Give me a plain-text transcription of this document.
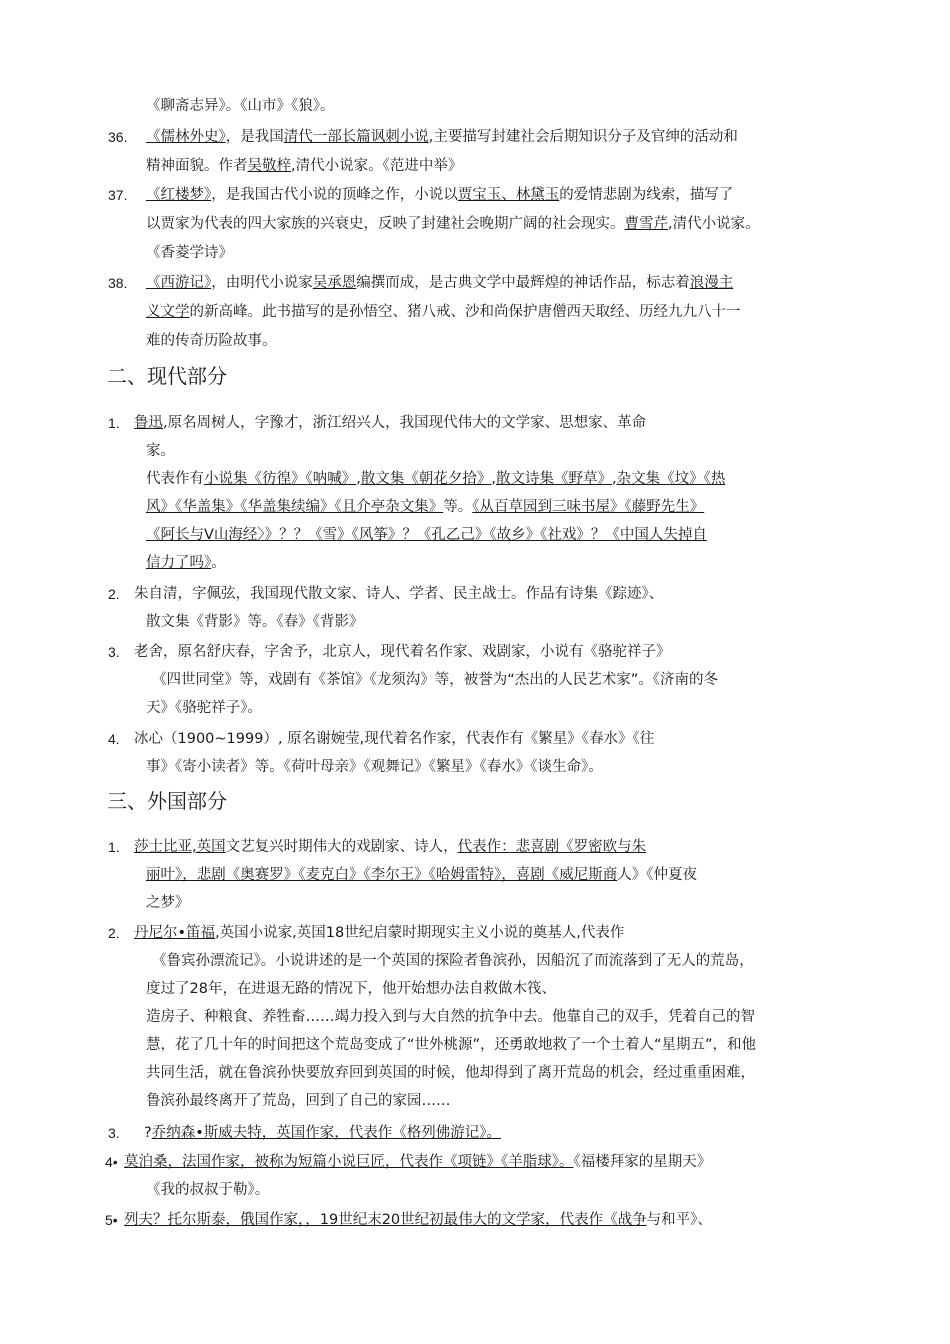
《聊斋志异》。《山市》《狼》。
36. 《儒林外史》，是我国清代一部长篇讽刺小说,主要描写封建社会后期知识分子及官绅的活动和
精神面貌。作者吴敬梓,清代小说家。《范进中举》
37. 《红楼梦》，是我国古代小说的顶峰之作，小说以贾宝玉、林黛玉的爱情悲剧为线索，描写了
以贾家为代表的四大家族的兴衰史，反映了封建社会晚期广阔的社会现实。曹雪芹,清代小说家。
《香菱学诗》
38. 《西游记》，由明代小说家吴承恩编撰而成，是古典文学中最辉煌的神话作品，标志着浪漫主
义文学的新高峰。此书描写的是孙悟空、猪八戒、沙和尚保护唐僧西天取经、历经九九八十一
难的传奇历险故事。
二、现代部分
1. 鲁迅,原名周树人，字豫才，浙江绍兴人，我国现代伟大的文学家、思想家、革命
家。
代表作有小说集《彷徨》《呐喊》,散文集《朝花夕拾》,散文诗集《野草》,杂文集《坟》《热
风》《华盖集》《华盖集续编》《且介亭杂文集》等。《从百草园到三味书屋》《藤野先生》
《阿长与Ⅴ山海经〉》？？《雪》《风筝》？《孔乙己》《故乡》《社戏》？《中国人失掉自
信力了吗》。
2. 朱自清，字佩弦，我国现代散文家、诗人、学者、民主战士。作品有诗集《踪迹》、
散文集《背影》等。《春》《背影》
3. 老舍，原名舒庆春，字舍予，北京人，现代着名作家、戏剧家，小说有《骆驼祥子》
《四世同堂》等，戏剧有《茶馆》《龙须沟》等，被誉为“杰出的人民艺术家”。《济南的冬
天》《骆驼祥子》。
4. 冰心（1900~1999）, 原名谢婉莹,现代着名作家，代表作有《繁星》《春水》《往
事》《寄小读者》等。《荷叶母亲》《观舞记》《繁星》《春水》《谈生命》。
三、外国部分
1. 莎士比亚,英国文艺复兴时期伟大的戏剧家、诗人，代表作：悲喜剧《罗密欧与朱
丽叶》，悲剧《奥赛罗》《麦克白》《李尔王》《哈姆雷特》，喜剧《威尼斯商人》《仲夏夜
之梦》
2. 丹尼尔•笛福,英国小说家,英国18世纪启蒙时期现实主义小说的奠基人,代表作
《鲁宾孙漂流记》。小说讲述的是一个英国的探险者鲁滨孙，因船沉了而流落到了无人的荒岛，
度过了28年，在进退无路的情况下，他开始想办法自救做木筏、
造房子、种粮食、养牲畜……竭力投入到与大自然的抗争中去。他靠自己的双手，凭着自己的智
慧，花了几十年的时间把这个荒岛变成了“世外桃源”，还勇敢地救了一个土着人“星期五”，和他
共同生活，就在鲁滨孙快要放弃回到英国的时候，他却得到了离开荒岛的机会，经过重重困难，
鲁滨孙最终离开了荒岛，回到了自己的家园……
3. ?乔纳森•斯威夫特，英国作家，代表作《格列佛游记》。
4• 莫泊桑，法国作家，被称为短篇小说巨匠，代表作《项链》《羊脂球》。《福楼拜家的星期天》
《我的叔叔于勒》。
5• 列夫？托尔斯泰，俄国作家，，19世纪末20世纪初最伟大的文学家，代表作《战争与和平》、
